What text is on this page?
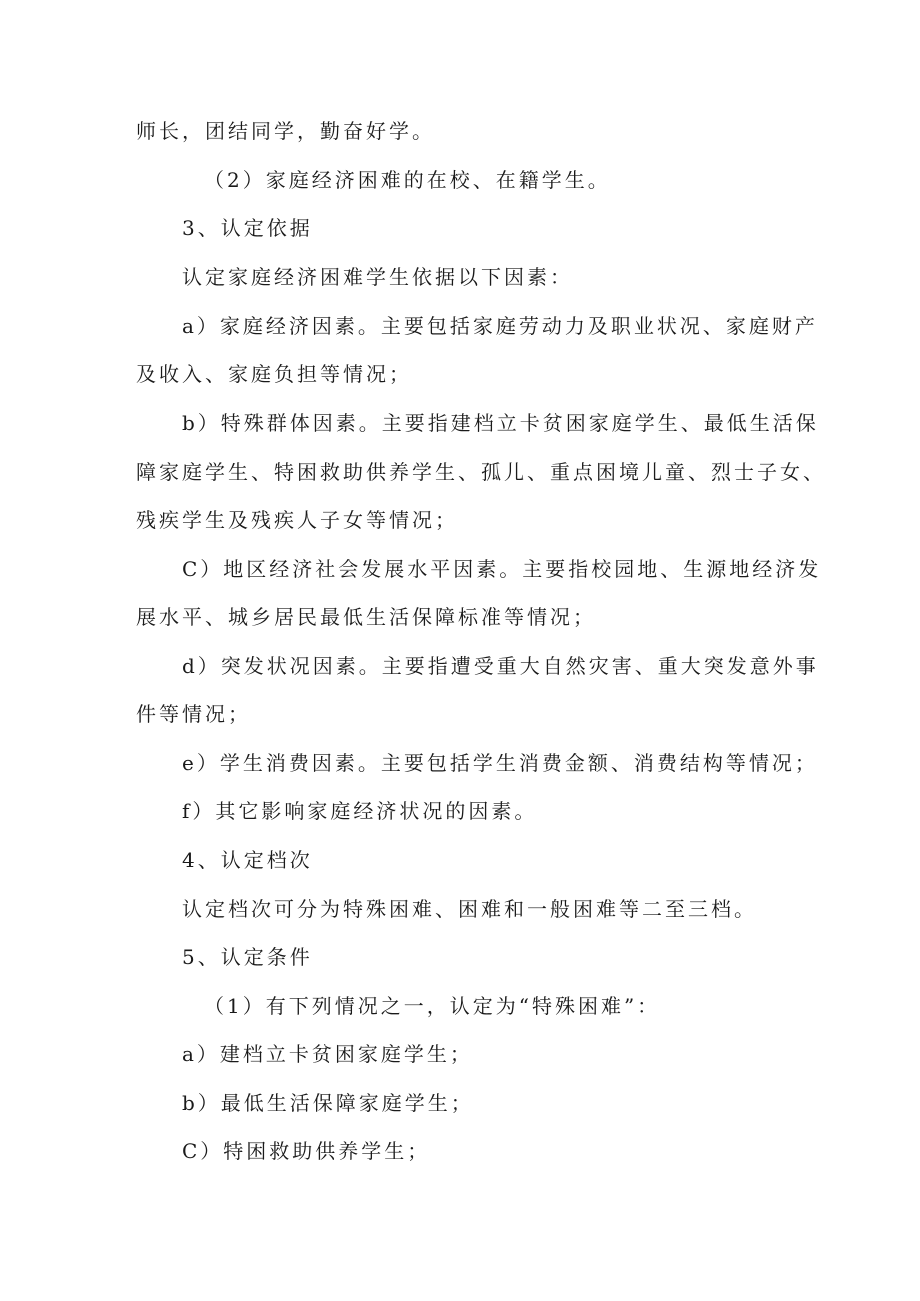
师长，团结同学，勤奋好学。
（2）家庭经济困难的在校、在籍学生。
3、认定依据
认定家庭经济困难学生依据以下因素：
a）家庭经济因素。主要包括家庭劳动力及职业状况、家庭财产
及收入、家庭负担等情况；
b）特殊群体因素。主要指建档立卡贫困家庭学生、最低生活保
障家庭学生、特困救助供养学生、孤儿、重点困境儿童、烈士子女、
残疾学生及残疾人子女等情况；
C）地区经济社会发展水平因素。主要指校园地、生源地经济发
展水平、城乡居民最低生活保障标准等情况；
d）突发状况因素。主要指遭受重大自然灾害、重大突发意外事
件等情况；
e）学生消费因素。主要包括学生消费金额、消费结构等情况；
f）其它影响家庭经济状况的因素。
4、认定档次
认定档次可分为特殊困难、困难和一般困难等二至三档。
5、认定条件
（1）有下列情况之一，认定为“特殊困难”：
a）建档立卡贫困家庭学生；
b）最低生活保障家庭学生；
C）特困救助供养学生；
